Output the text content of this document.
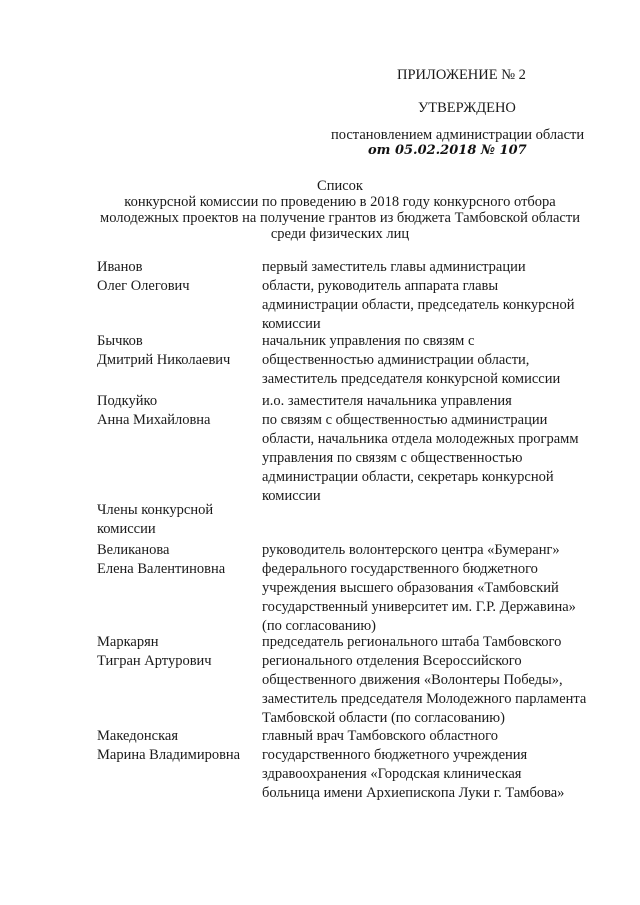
ПРИЛОЖЕНИЕ № 2
УТВЕРЖДЕНО
постановлением администрации области
от 05.02.2018 № 107
Список
конкурсной комиссии по проведению в 2018 году конкурсного отбора
молодежных проектов на получение грантов из бюджета Тамбовской области
среди физических лиц
Иванов
Олег Олегович
первый заместитель главы администрации
области, руководитель аппарата главы
администрации области, председатель конкурсной
комиссии
Бычков
Дмитрий Николаевич
начальник управления по связям с
общественностью администрации области,
заместитель председателя конкурсной комиссии
Подкуйко
Анна Михайловна
и.о. заместителя начальника управления
по связям с общественностью администрации
области, начальника отдела молодежных программ
управления по связям с общественностью
администрации области, секретарь конкурсной
комиссии
Члены конкурсной
комиссии
Великанова
Елена Валентиновна
руководитель волонтерского центра «Бумеранг»
федерального государственного бюджетного
учреждения высшего образования «Тамбовский
государственный университет им. Г.Р. Державина»
(по согласованию)
Маркарян
Тигран Артурович
председатель регионального штаба Тамбовского
регионального отделения Всероссийского
общественного движения «Волонтеры Победы»,
заместитель председателя Молодежного парламента
Тамбовской области (по согласованию)
Македонская
Марина Владимировна
главный врач Тамбовского областного
государственного бюджетного учреждения
здравоохранения «Городская клиническая
больница имени Архиепископа Луки г. Тамбова»
